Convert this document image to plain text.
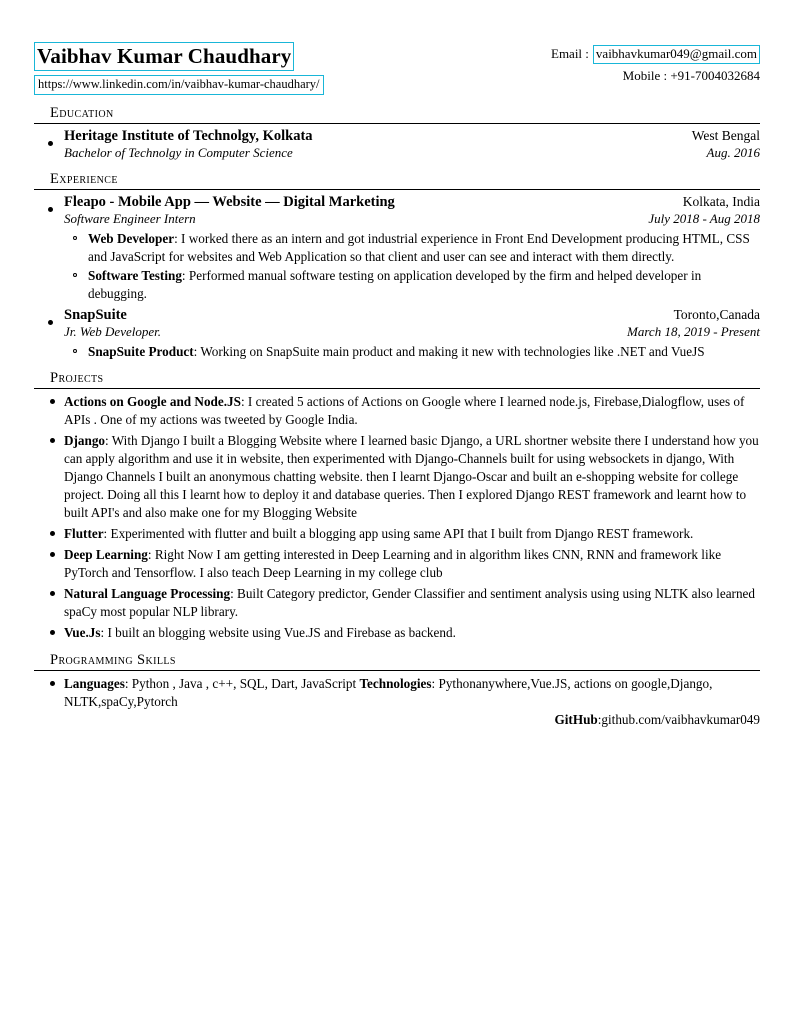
Vaibhav Kumar Chaudhary
https://www.linkedin.com/in/vaibhav-kumar-chaudhary/
Email : vaibhavkumar049@gmail.com
Mobile : +91-7004032684
Education
Heritage Institute of Technolgy, Kolkata	West Bengal
Bachelor of Technolgy in Computer Science	Aug. 2016
Experience
Fleapo - Mobile App — Website — Digital Marketing	Kolkata, India
Software Engineer Intern	July 2018 - Aug 2018
Web Developer: I worked there as an intern and got industrial experience in Front End Development producing HTML, CSS and JavaScript for websites and Web Application so that client and user can see and interact with them directly.
Software Testing: Performed manual software testing on application developed by the firm and helped developer in debugging.
SnapSuite	Toronto,Canada
Jr. Web Developer.	March 18, 2019 - Present
SnapSuite Product: Working on SnapSuite main product and making it new with technologies like .NET and VueJS
Projects
Actions on Google and Node.JS: I created 5 actions of Actions on Google where I learned node.js, Firebase,Dialogflow, uses of APIs . One of my actions was tweeted by Google India.
Django: With Django I built a Blogging Website where I learned basic Django, a URL shortner website there I understand how you can apply algorithm and use it in website, then experimented with Django-Channels built for using websockets in django, With Django Channels I built an anonymous chatting website. then I learnt Django-Oscar and built an e-shopping website for college project. Doing all this I learnt how to deploy it and database queries. Then I explored Django REST framework and learnt how to built API's and also make one for my Blogging Website
Flutter: Experimented with flutter and built a blogging app using same API that I built from Django REST framework.
Deep Learning: Right Now I am getting interested in Deep Learning and in algorithm likes CNN, RNN and framework like PyTorch and Tensorflow. I also teach Deep Learning in my college club
Natural Language Processing: Built Category predictor, Gender Classifier and sentiment analysis using using NLTK also learned spaCy most popular NLP library.
Vue.Js: I built an blogging website using Vue.JS and Firebase as backend.
Programming Skills
Languages: Python , Java , c++, SQL, Dart, JavaScript Technologies: Pythonanywhere,Vue.JS, actions on google,Django, NLTK,spaCy,Pytorch
GitHub:github.com/vaibhavkumar049
